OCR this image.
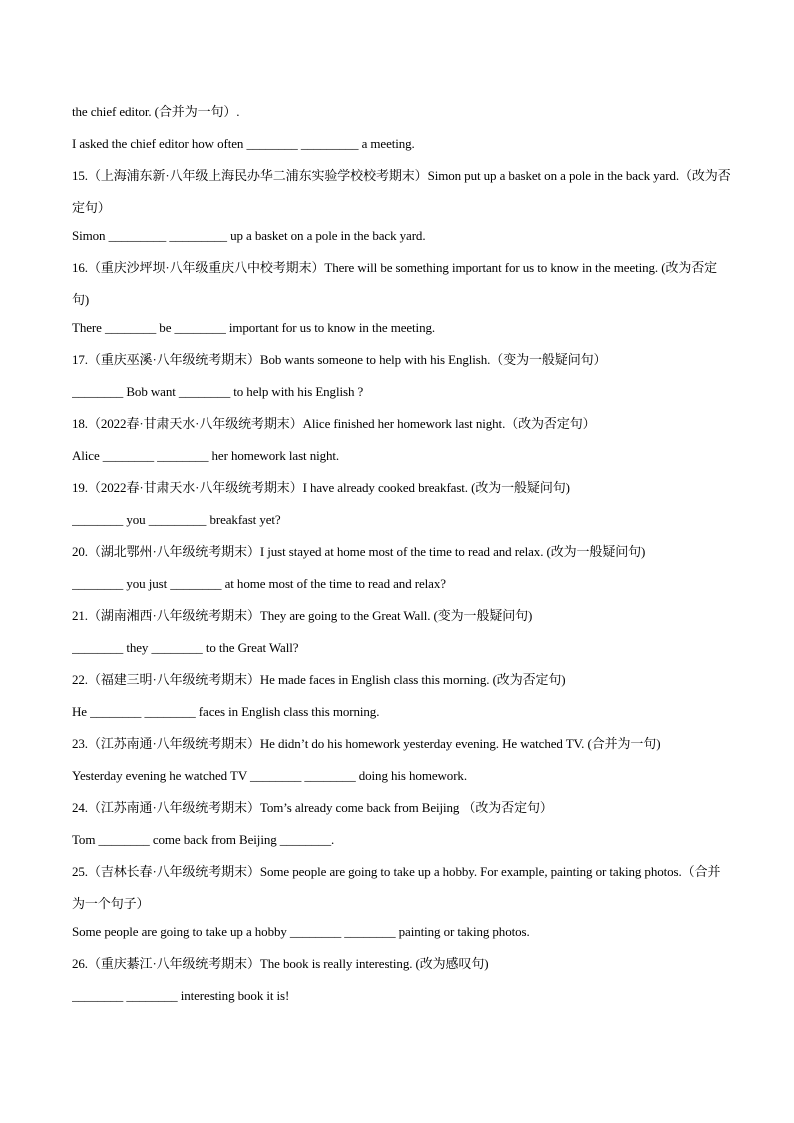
the chief editor. (合并为一句）.
I asked the chief editor how often ________ _________ a meeting.
15.（上海浦东新·八年级上海民办华二浦东实验学校校考期末）Simon put up a basket on a pole in the back yard.（改为否定句）
Simon _________ _________ up a basket on a pole in the back yard.
16.（重庆沙坪坝·八年级重庆八中校考期末）There will be something important for us to know in the meeting. (改为否定句)
There ________ be ________ important for us to know in the meeting.
17.（重庆巫溪·八年级统考期末）Bob wants someone to help with his English.（变为一般疑问句）
________ Bob want ________ to help with his English ?
18.（2022春·甘肃天水·八年级统考期末）Alice finished her homework last night.（改为否定句）
Alice ________ ________ her homework last night.
19.（2022春·甘肃天水·八年级统考期末）I have already cooked breakfast. (改为一般疑问句)
________ you _________ breakfast yet?
20.（湖北鄂州·八年级统考期末）I just stayed at home most of the time to read and relax. (改为一般疑问句)
________ you just ________ at home most of the time to read and relax?
21.（湖南湘西·八年级统考期末）They are going to the Great Wall. (变为一般疑问句)
________ they ________ to the Great Wall?
22.（福建三明·八年级统考期末）He made faces in English class this morning. (改为否定句)
He ________ ________ faces in English class this morning.
23.（江苏南通·八年级统考期末）He didn’t do his homework yesterday evening. He watched TV. (合并为一句)
Yesterday evening he watched TV ________ ________ doing his homework.
24.（江苏南通·八年级统考期末）Tom’s already come back from Beijing （改为否定句）
Tom ________ come back from Beijing ________.
25.（吉林长春·八年级统考期末）Some people are going to take up a hobby. For example, painting or taking photos.（合并为一个句子）
Some people are going to take up a hobby ________ ________ painting or taking photos.
26.（重庆綦江·八年级统考期末）The book is really interesting. (改为感叹句)
________ ________ interesting book it is!
